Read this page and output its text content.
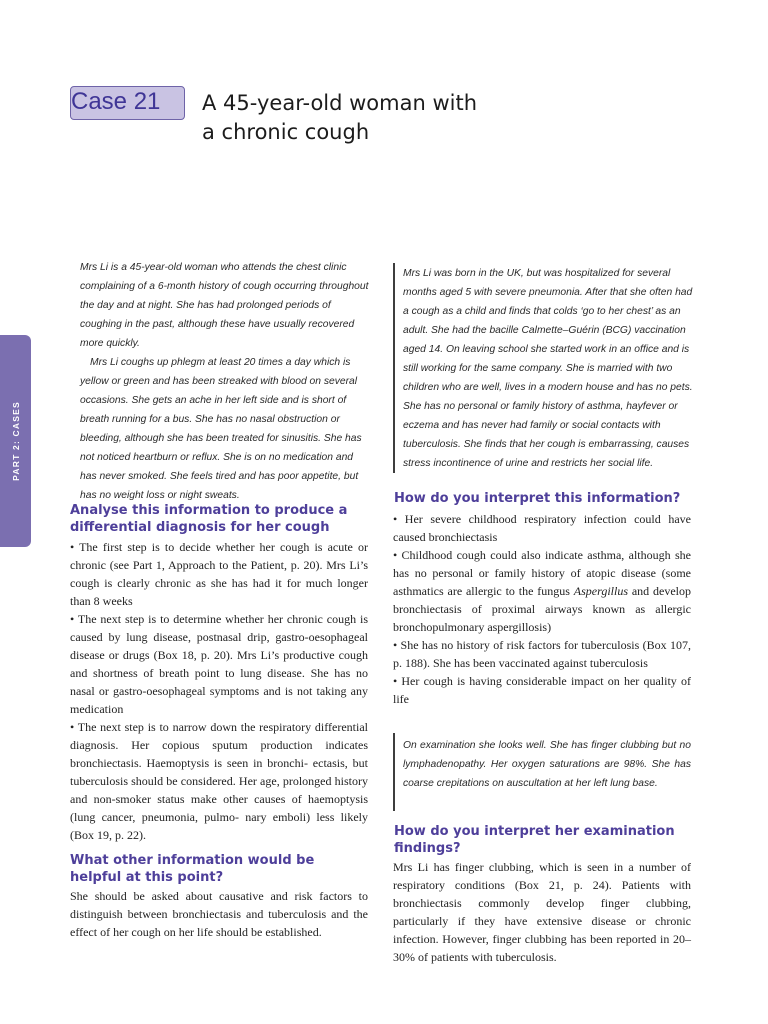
Case 21	A 45-year-old woman with
a chronic cough
PART 2: CASES

Mrs Li is a 45-year-old woman who attends the chest clinic complaining of a 6-month history of cough occurring throughout the day and at night. She has had prolonged periods of coughing in the past, although these have usually recovered more quickly.

Mrs Li coughs up phlegm at least 20 times a day which is yellow or green and has been streaked with blood on several occasions. She gets an ache in her left side and is short of breath running for a bus. She has no nasal obstruction or bleeding, although she has been treated for sinusitis. She has not noticed heartburn or reflux. She is on no medication and has never smoked. She feels tired and has poor appetite, but has no weight loss or night sweats.

Analyse this information to produce a differential diagnosis for her cough

• The first step is to decide whether her cough is acute or chronic (see Part 1, Approach to the Patient, p. 20). Mrs Li’s cough is clearly chronic as she has had it for much longer than 8 weeks

• The next step is to determine whether her chronic cough is caused by lung disease, postnasal drip, gastro-oesophageal disease or drugs (Box 18, p. 20). Mrs Li’s productive cough and shortness of breath point to lung disease. She has no nasal or gastro-oesophageal symptoms and is not taking any medication

• The next step is to narrow down the respiratory differential diagnosis. Her copious sputum production indicates bronchiectasis. Haemoptysis is seen in bronchi- ectasis, but tuberculosis should be considered. Her age, prolonged history and non-smoker status make other causes of haemoptysis (lung cancer, pneumonia, pulmo- nary emboli) less likely (Box 19, p. 22).

What other information would be helpful at this point?
She should be asked about causative and risk factors to distinguish between bronchiectasis and tuberculosis and the effect of her cough on her life should be established.

Mrs Li was born in the UK, but was hospitalized for several months aged 5 with severe pneumonia. After that she often had a cough as a child and finds that colds ‘go to her chest’ as an adult. She had the bacille Calmette–Guérin (BCG) vaccination aged 14. On leaving school she started work in an office and is still working for the same company. She is married with two children who are well, lives in a modern house and has no pets. She has no personal or family history of asthma, hayfever or eczema and has never had family or social contacts with tuberculosis. She finds that her cough is embarrassing, causes stress incontinence of urine and restricts her social life.

How do you interpret this information?

• Her severe childhood respiratory infection could have caused bronchiectasis

• Childhood cough could also indicate asthma, although she has no personal or family history of atopic disease (some asthmatics are allergic to the fungus Aspergillus and develop bronchiectasis of proximal airways known as allergic bronchopulmonary aspergillosis)

• She has no history of risk factors for tuberculosis (Box 107, p. 188). She has been vaccinated against tuberculosis

• Her cough is having considerable impact on her quality of life

On examination she looks well. She has finger clubbing but no lymphadenopathy. Her oxygen saturations are 98%. She has coarse crepitations on auscultation at her left lung base.

How do you interpret her examination findings?
Mrs Li has finger clubbing, which is seen in a number of respiratory conditions (Box 21, p. 24). Patients with bronchiectasis commonly develop finger clubbing, particularly if they have extensive disease or chronic infection. However, finger clubbing has been reported in 20–30% of patients with tuberculosis.
